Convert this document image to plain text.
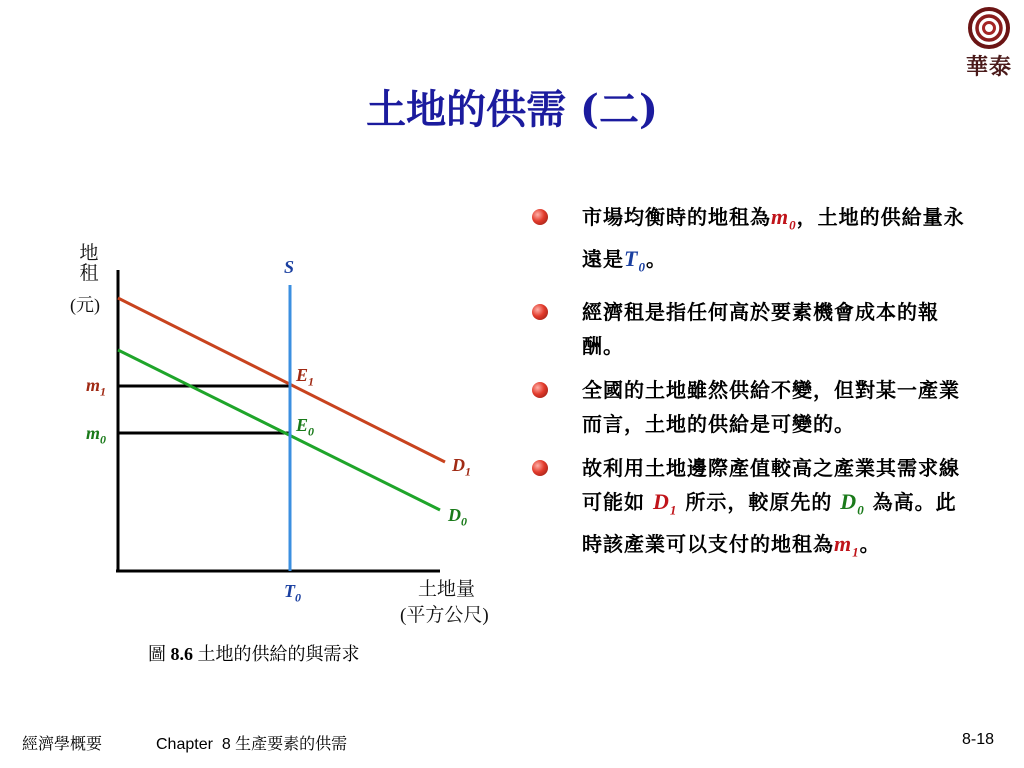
華泰
土地的供需 (二)
地
租
(元)
S
$m_1$
$m_0$
$E_1$
$E_0$
$D_1$
$D_0$
$T_0$	土地量
(平方公尺)
圖 8.6 土地的供給的與需求
市場均衡時的地租為$m_0$，土地的供給量永遠是$T_0$。
經濟租是指任何高於要素機會成本的報酬。
全國的土地雖然供給不變，但對某一產業而言，土地的供給是可變的。
故利用土地邊際產值較高之產業其需求線可能如 $D_1$ 所示，較原先的 $D_0$ 為高。此時該產業可以支付的地租為$m_1$。
經濟學概要	Chapter 8 生產要素的供需	8-18
